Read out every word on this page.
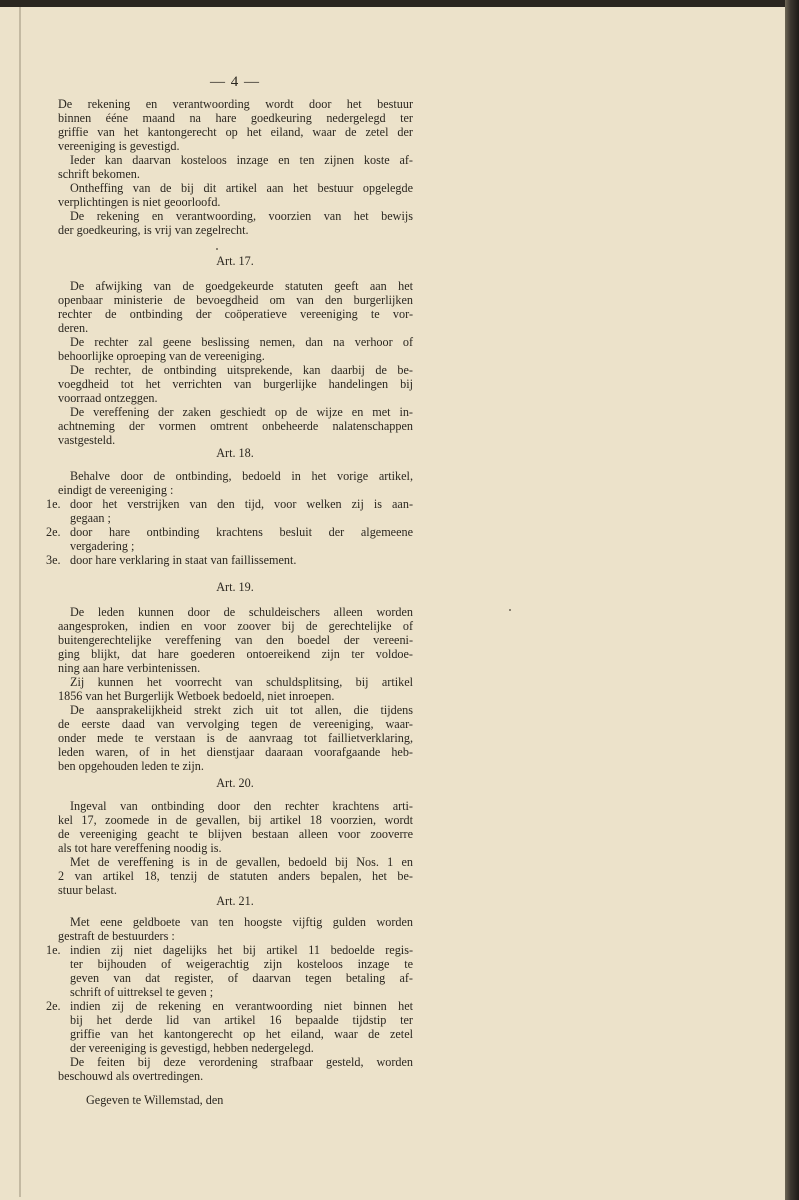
— 4 —
De rekening en verantwoording wordt door het bestuur
binnen ééne maand na hare goedkeuring nedergelegd ter
griffie van het kantongerecht op het eiland, waar de zetel der
vereeniging is gevestigd.
Ieder kan daarvan kosteloos inzage en ten zijnen koste af-
schrift bekomen.
Ontheffing van de bij dit artikel aan het bestuur opgelegde
verplichtingen is niet geoorloofd.
De rekening en verantwoording, voorzien van het bewijs
der goedkeuring, is vrij van zegelrecht.
Art. 17.
De afwijking van de goedgekeurde statuten geeft aan het
openbaar ministerie de bevoegdheid om van den burgerlijken
rechter de ontbinding der coöperatieve vereeniging te vor-
deren.
De rechter zal geene beslissing nemen, dan na verhoor of
behoorlijke oproeping van de vereeniging.
De rechter, de ontbinding uitsprekende, kan daarbij de be-
voegdheid tot het verrichten van burgerlijke handelingen bij
voorraad ontzeggen.
De vereffening der zaken geschiedt op de wijze en met in-
achtneming der vormen omtrent onbeheerde nalatenschappen
vastgesteld.
Art. 18.
Behalve door de ontbinding, bedoeld in het vorige artikel,
eindigt de vereeniging :
1e. door het verstrijken van den tijd, voor welken zij is aan-
gegaan ;
2e. door hare ontbinding krachtens besluit der algemeene
vergadering ;
3e. door hare verklaring in staat van faillissement.
Art. 19.
De leden kunnen door de schuldeischers alleen worden
aangesproken, indien en voor zoover bij de gerechtelijke of
buitengerechtelijke vereffening van den boedel der vereeni-
ging blijkt, dat hare goederen ontoereikend zijn ter voldoe-
ning aan hare verbintenissen.
Zij kunnen het voorrecht van schuldsplitsing, bij artikel
1856 van het Burgerlijk Wetboek bedoeld, niet inroepen.
De aansprakelijkheid strekt zich uit tot allen, die tijdens
de eerste daad van vervolging tegen de vereeniging, waar-
onder mede te verstaan is de aanvraag tot faillietverklaring,
leden waren, of in het dienstjaar daaraan voorafgaande heb-
ben opgehouden leden te zijn.
Art. 20.
Ingeval van ontbinding door den rechter krachtens arti-
kel 17, zoomede in de gevallen, bij artikel 18 voorzien, wordt
de vereeniging geacht te blijven bestaan alleen voor zooverre
als tot hare vereffening noodig is.
Met de vereffening is in de gevallen, bedoeld bij Nos. 1 en
2 van artikel 18, tenzij de statuten anders bepalen, het be-
stuur belast.
Art. 21.
Met eene geldboete van ten hoogste vijftig gulden worden
gestraft de bestuurders :
1e. indien zij niet dagelijks het bij artikel 11 bedoelde regis-
ter bijhouden of weigerachtig zijn kosteloos inzage te
geven van dat register, of daarvan tegen betaling af-
schrift of uittreksel te geven ;
2e. indien zij de rekening en verantwoording niet binnen het
bij het derde lid van artikel 16 bepaalde tijdstip ter
griffie van het kantongerecht op het eiland, waar de zetel
der vereeniging is gevestigd, hebben nedergelegd.
De feiten bij deze verordening strafbaar gesteld, worden
beschouwd als overtredingen.
Gegeven te Willemstad, den
